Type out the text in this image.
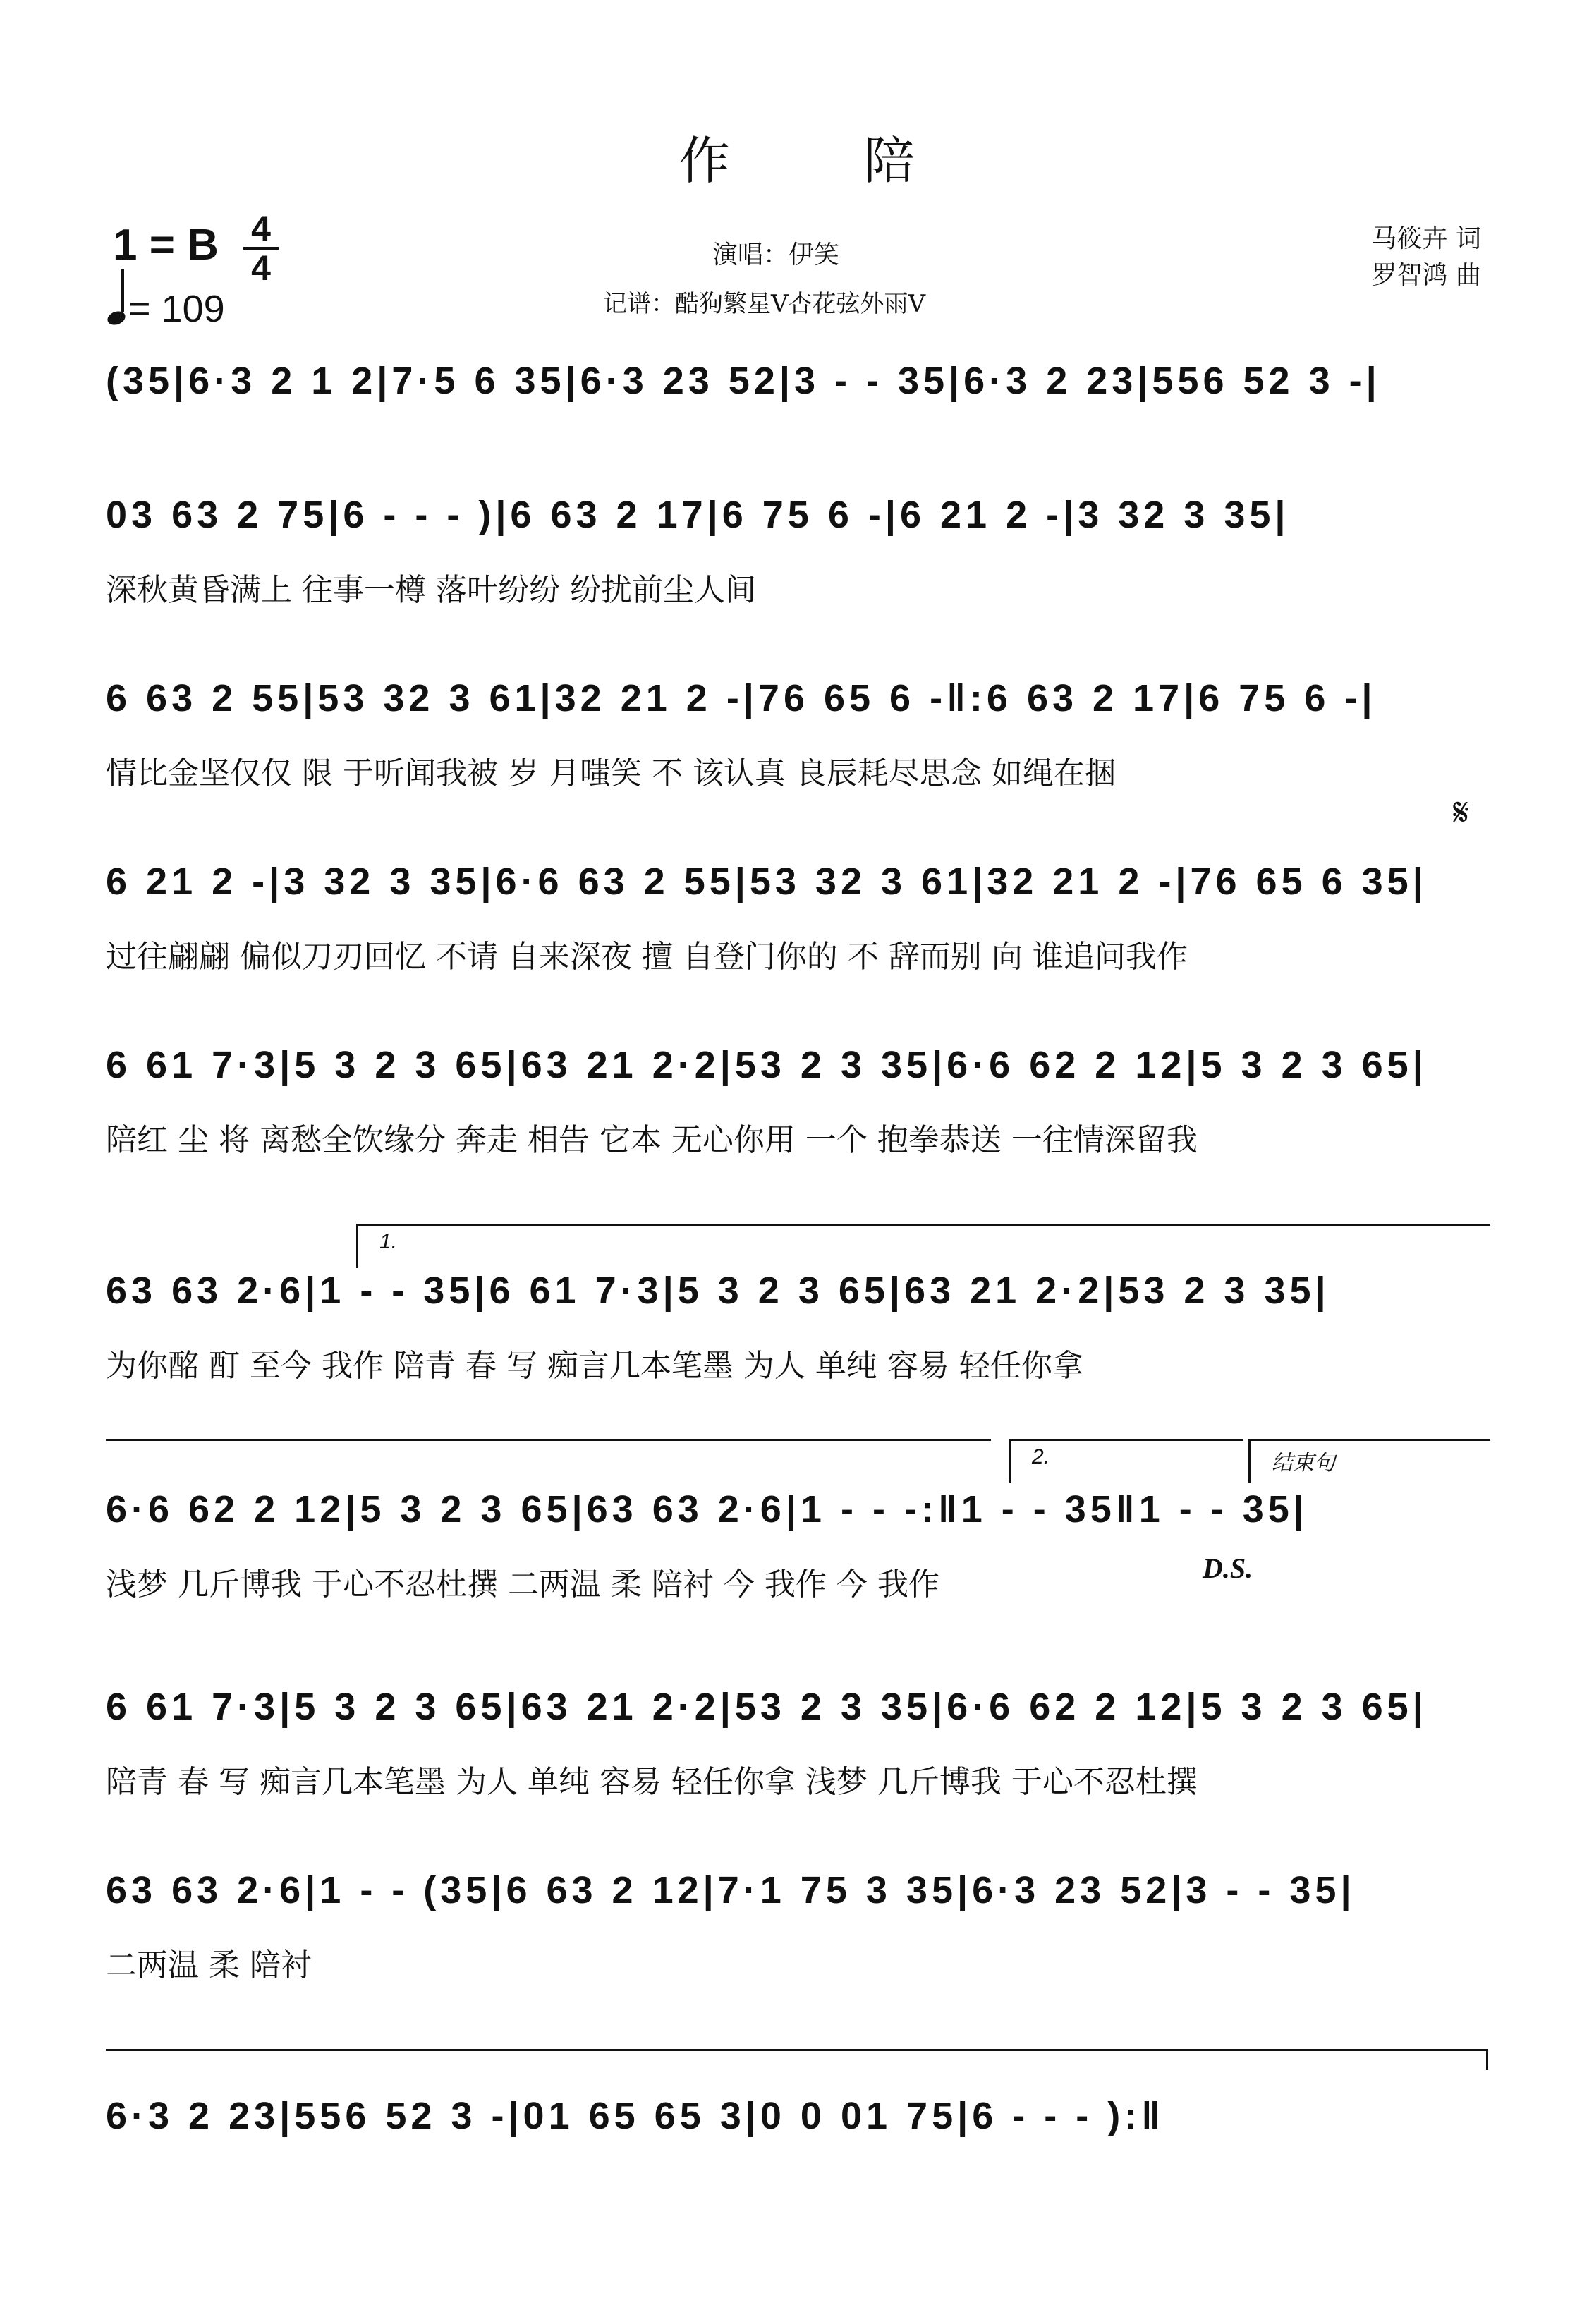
作陪
1 = B 4
4
= 109
演唱：伊笑
记谱：酷狗繁星V杏花弦外雨V
马筱卉 词
罗智鸿 曲
(35|6·3 2 1 2|7·5 6 35|6·3 23 52|3 - - 35|6·3 2 23|556 52 3 -|
03 63 2 75|6 - - - )|6 63 2 17|6 75 6 -|6 21 2 -|3 32 3 35|
深秋黄昏满上 往事一樽 落叶纷纷 纷扰前尘人间
6 63 2 55|53 32 3 61|32 21 2 -|76 65 6 -‖:6 63 2 17|6 75 6 -|
情比金坚仅仅 限 于听闻我被 岁 月嗤笑 不 该认真 良辰耗尽思念 如绳在捆
𝄋
6 21 2 -|3 32 3 35|6·6 63 2 55|53 32 3 61|32 21 2 -|76 65 6 35|
过往翩翩 偏似刀刃回忆 不请 自来深夜 擅 自登门你的 不 辞而别 向 谁追问我作
6 61 7·3|5 3 2 3 65|63 21 2·2|53 2 3 35|6·6 62 2 12|5 3 2 3 65|
陪红 尘 将 离愁全饮缘分 奔走 相告 它本 无心你用 一个 抱拳恭送 一往情深留我
1.
63 63 2·6|1 - - 35|6 61 7·3|5 3 2 3 65|63 21 2·2|53 2 3 35|
为你酩 酊 至今 我作 陪青 春 写 痴言几本笔墨 为人 单纯 容易 轻任你拿
2.	结束句
6·6 62 2 12|5 3 2 3 65|63 63 2·6|1 - - -:‖1 - - 35‖1 - - 35|
浅梦 几斤博我 于心不忍杜撰 二两温 柔 陪衬 今 我作 今 我作	D.S.
6 61 7·3|5 3 2 3 65|63 21 2·2|53 2 3 35|6·6 62 2 12|5 3 2 3 65|
陪青 春 写 痴言几本笔墨 为人 单纯 容易 轻任你拿 浅梦 几斤博我 于心不忍杜撰
63 63 2·6|1 - - (35|6 63 2 12|7·1 75 3 35|6·3 23 52|3 - - 35|
二两温 柔 陪衬
6·3 2 23|556 52 3 -|01 65 65 3|0 0 01 75|6 - - - ):‖
